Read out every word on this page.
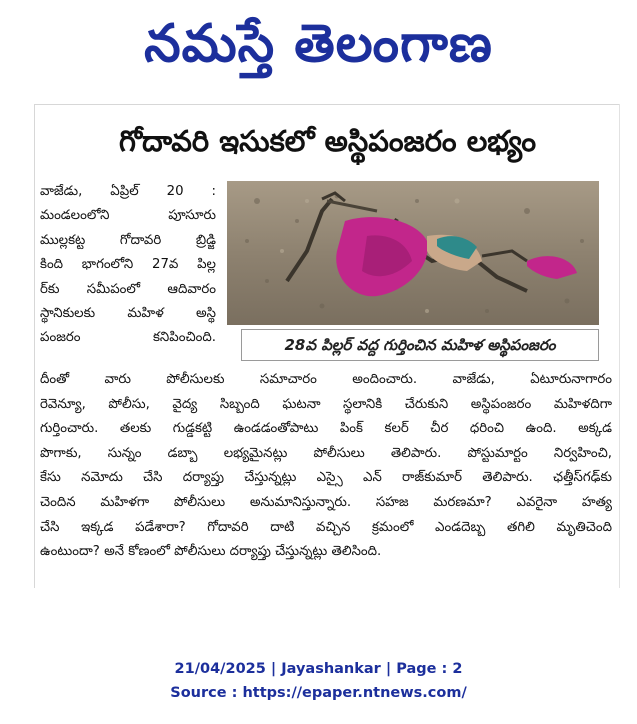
నమస్తే తెలంగాణ
గోదావరి ఇసుకలో అస్థిపంజరం లభ్యం
28వ పిల్లర్ వద్ద గుర్తించిన మహిళ అస్థిపంజరం
వాజేడు, ఏప్రిల్ 20 :
మండలంలోని పూసూరు
ముల్లకట్ట గోదావరి బ్రిడ్జి
కింది భాగంలోని 27వ పిల్ల
ర్‌కు సమీపంలో ఆదివారం
స్థానికులకు మహిళ అస్థి
పంజరం కనిపించింది.
దీంతో వారు పోలీసులకు సమాచారం అందించారు. వాజేడు, ఏటూరునాగారం
రెవెన్యూ, పోలీసు, వైద్య సిబ్బంది ఘటనా స్థలానికి చేరుకుని అస్థిపంజరం మహిళదిగా
గుర్తించారు. తలకు గుడ్డకట్టి ఉండడంతోపాటు పింక్ కలర్ చీర ధరించి ఉంది. అక్కడ
పొగాకు, సున్నం డబ్బా లభ్యమైనట్లు పోలీసులు తెలిపారు. పోస్టుమార్టం నిర్వహించి,
కేసు నమోదు చేసి దర్యాప్తు చేస్తున్నట్లు ఎస్సై ఎన్ రాజ్‌కుమార్ తెలిపారు. ఛత్తీస్‌గఢ్‌కు
చెందిన మహిళగా పోలీసులు అనుమానిస్తున్నారు. సహజ మరణమా? ఎవరైనా హత్య
చేసి ఇక్కడ పడేశారా? గోదావరి దాటి వచ్చిన క్రమంలో ఎండదెబ్బ తగిలి మృతిచెంది
ఉంటుందా? అనే కోణంలో పోలీసులు దర్యాప్తు చేస్తున్నట్లు తెలిసింది.
21/04/2025 | Jayashankar | Page : 2
Source : https://epaper.ntnews.com/
